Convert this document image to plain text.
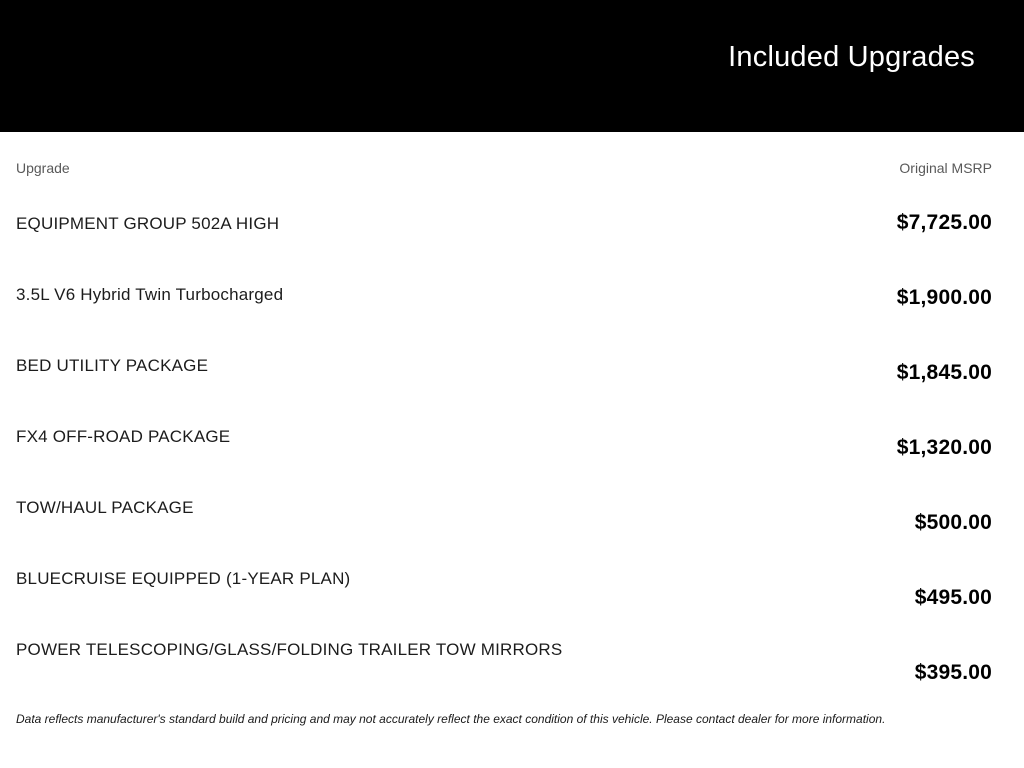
Included Upgrades
Upgrade	Original MSRP
EQUIPMENT GROUP 502A HIGH
3.5L V6 Hybrid Twin Turbocharged
BED UTILITY PACKAGE
FX4 OFF-ROAD PACKAGE
TOW/HAUL PACKAGE
BLUECRUISE EQUIPPED (1-YEAR PLAN)
POWER TELESCOPING/GLASS/FOLDING TRAILER TOW MIRRORS
$7,725.00
$1,900.00
$1,845.00
$1,320.00
$500.00
$495.00
$395.00
Data reflects manufacturer's standard build and pricing and may not accurately reflect the exact condition of this vehicle. Please contact dealer for more information.
